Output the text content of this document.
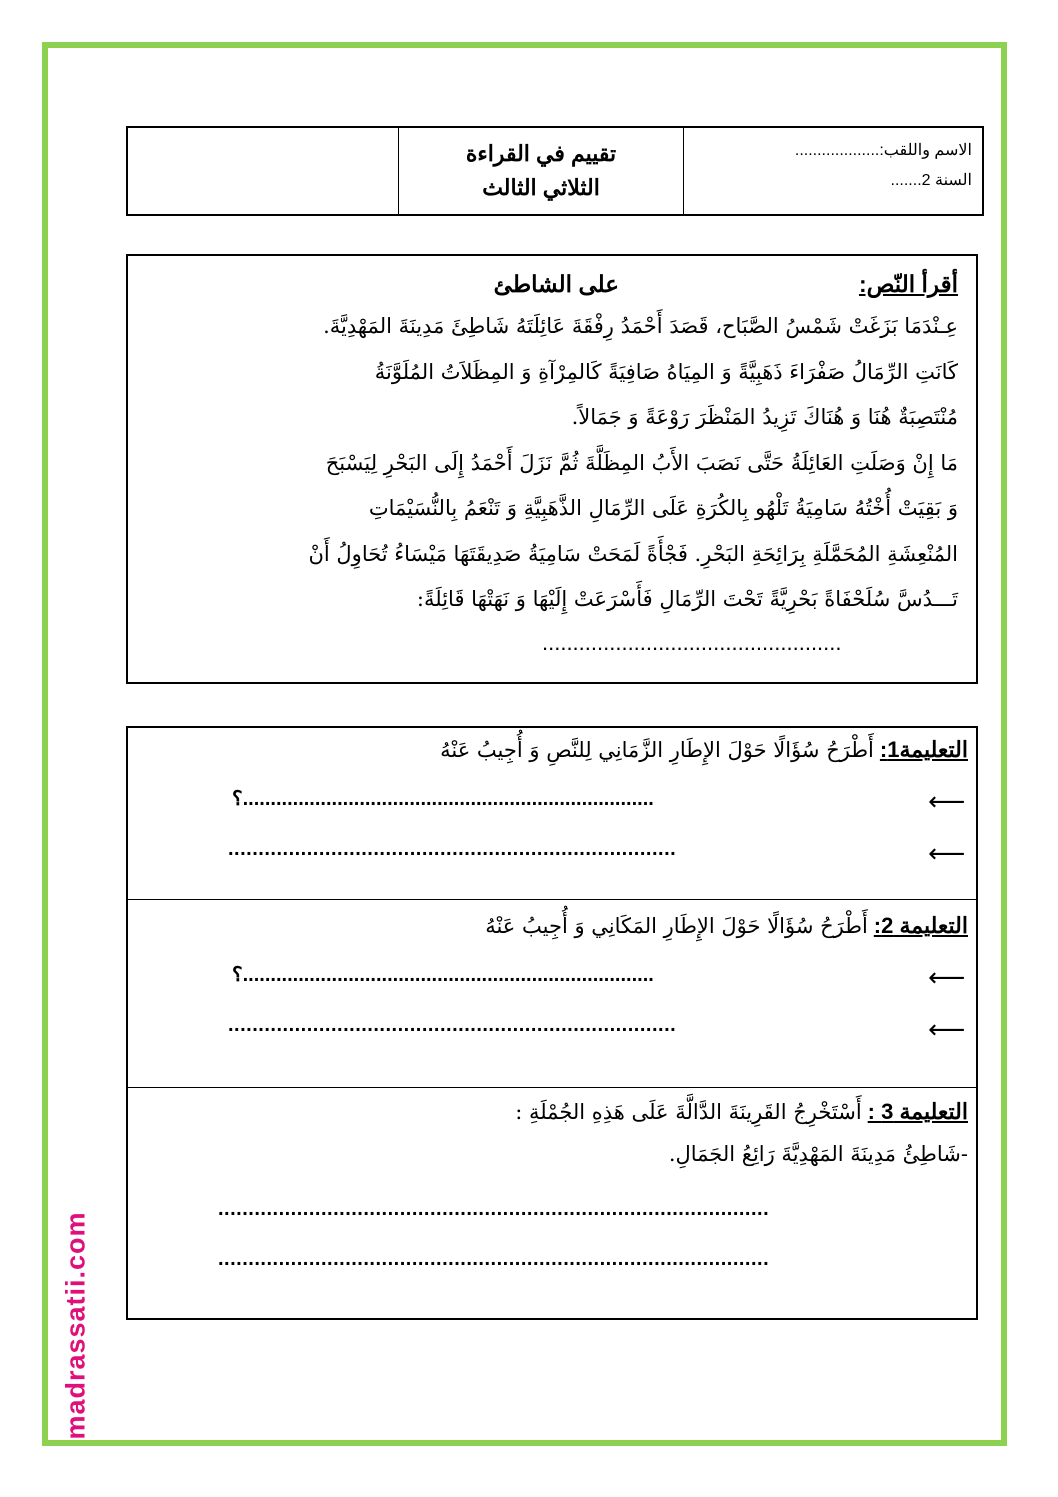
madrassatii.com
تقييم في القراءة
الثلاثي الثالث
الاسم واللقب:...................
السنة 2.......
أقرأ النّص:
على الشاطئ
عِـنْدَمَا بَزَغَتْ شَمْسُ الصَّبَاح، قَصَدَ أَحْمَدُ رِفْقَةَ عَائِلَتَهُ شَاطِئَ مَدِينَةَ المَهْدِيَّةَ.
كَانَتِ الرِّمَالُ صَفْرَاءَ ذَهَبِيَّةً وَ المِيَاهُ صَافِيَةً كَالمِرْآةِ وَ المِظَلاَتُ المُلَوَّنَةُ
مُنْتَصِبَةٌ هُنَا وَ هُنَاكَ تَزِيدُ المَنْظَرَ رَوْعَةً وَ جَمَالاً.
مَا إِنْ وَصَلَتِ العَائِلَةُ حَتَّى نَصَبَ الأَبُ المِظَلَّةَ ثُمَّ نَزَلَ أَحْمَدُ إِلَى البَحْرِ لِيَسْبَحَ
وَ بَقِيَتْ أُخْتُهُ سَامِيَةُ تَلْهُو بِالكُرَةِ عَلَى الرِّمَالِ الذَّهَبِيَّةِ وَ تَنْعَمُ بِالنُّسَيْمَاتِ
المُنْعِشَةِ المُحَمَّلَةِ بِرَائِحَةِ البَحْرِ. فَجْأَةً لَمَحَتْ سَامِيَةُ صَدِيقَتَهَا مَيْسَاءُ تُحَاوِلُ أَنْ
تَـــدُسَّ سُلَحْفَاةً بَحْرِيَّةً تَحْتَ الرِّمَالِ فَأَسْرَعَتْ إِلَيْهَا وَ نَهَتْهَا قَائِلَةً:
.................................................
التعليمة1:
أَطْرَحُ سُؤَالًا حَوْلَ الإِطَارِ الزَّمَانِي لِلنَّصِ وَ أُجِيبُ عَنْهُ
؟..........................................................................	⟵
..........................................................................	⟵
التعليمة 2:
أَطْرَحُ سُؤَالًا حَوْلَ الإِطَارِ المَكَانِي وَ أُجِيبُ عَنْهُ
؟..........................................................................	⟵
..........................................................................	⟵
التعليمة 3 :
أَسْتَخْرِجُ القَرِينَةَ الدَّالَّةَ عَلَى هَذِهِ الجُمْلَةِ :
-شَاطِئُ مَدِينَةَ المَهْدِيَّةَ رَائِعُ الجَمَالِ.
...........................................................................................
...........................................................................................
